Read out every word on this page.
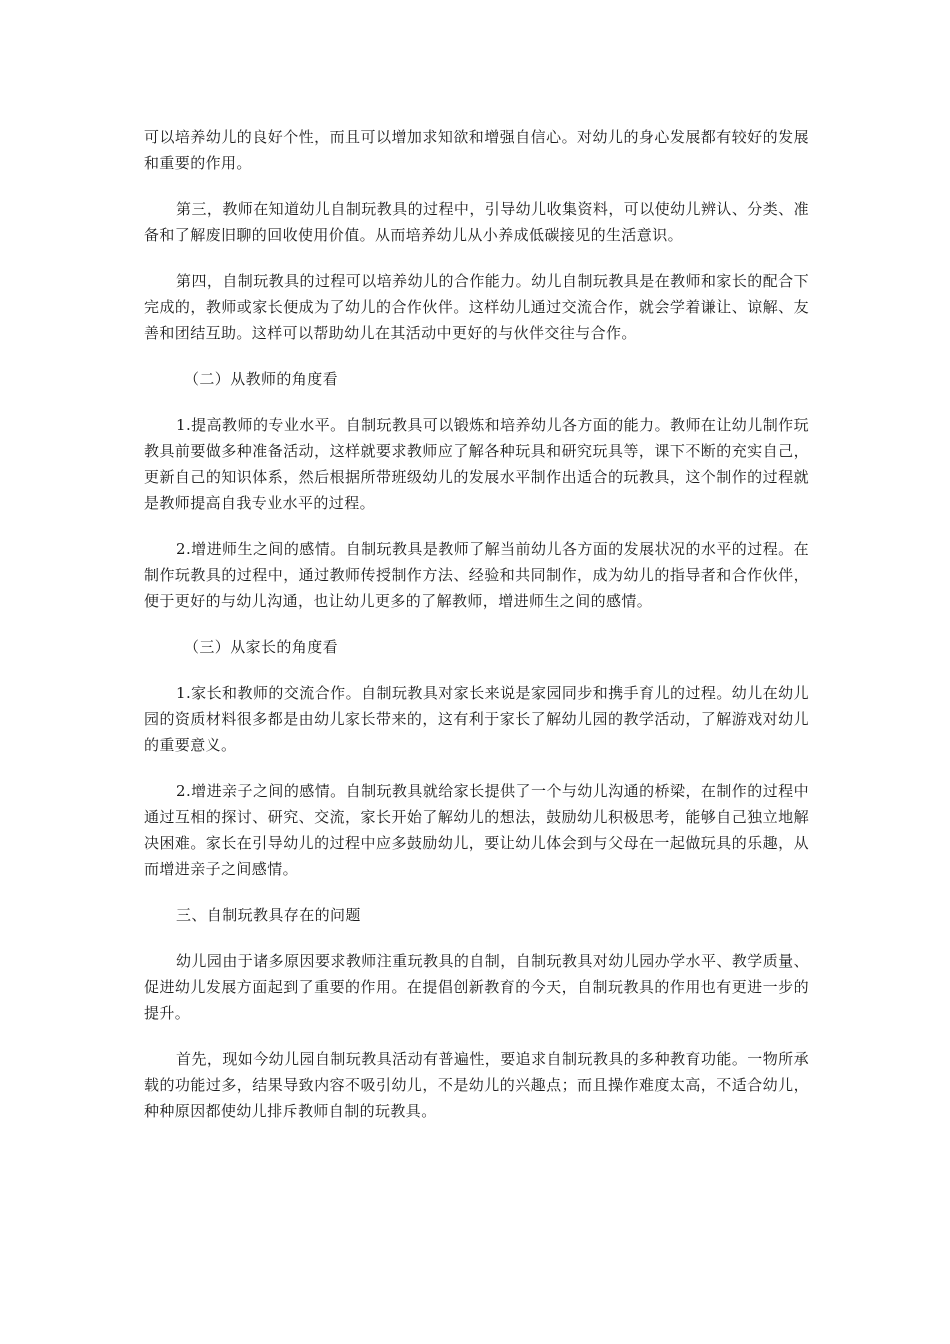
可以培养幼儿的良好个性，而且可以增加求知欲和增强自信心。对幼儿的身心发展都有较好的发展和重要的作用。

第三，教师在知道幼儿自制玩教具的过程中，引导幼儿收集资料，可以使幼儿辨认、分类、准备和了解废旧聊的回收使用价值。从而培养幼儿从小养成低碳接见的生活意识。

第四，自制玩教具的过程可以培养幼儿的合作能力。幼儿自制玩教具是在教师和家长的配合下完成的，教师或家长便成为了幼儿的合作伙伴。这样幼儿通过交流合作，就会学着谦让、谅解、友善和团结互助。这样可以帮助幼儿在其活动中更好的与伙伴交往与合作。

（二）从教师的角度看

1.提高教师的专业水平。自制玩教具可以锻炼和培养幼儿各方面的能力。教师在让幼儿制作玩教具前要做多种准备活动，这样就要求教师应了解各种玩具和研究玩具等，课下不断的充实自己，更新自己的知识体系，然后根据所带班级幼儿的发展水平制作出适合的玩教具，这个制作的过程就是教师提高自我专业水平的过程。

2.增进师生之间的感情。自制玩教具是教师了解当前幼儿各方面的发展状况的水平的过程。在制作玩教具的过程中，通过教师传授制作方法、经验和共同制作，成为幼儿的指导者和合作伙伴，便于更好的与幼儿沟通，也让幼儿更多的了解教师，增进师生之间的感情。

（三）从家长的角度看

1.家长和教师的交流合作。自制玩教具对家长来说是家园同步和携手育儿的过程。幼儿在幼儿园的资质材料很多都是由幼儿家长带来的，这有利于家长了解幼儿园的教学活动，了解游戏对幼儿的重要意义。

2.增进亲子之间的感情。自制玩教具就给家长提供了一个与幼儿沟通的桥梁，在制作的过程中通过互相的探讨、研究、交流，家长开始了解幼儿的想法，鼓励幼儿积极思考，能够自己独立地解决困难。家长在引导幼儿的过程中应多鼓励幼儿，要让幼儿体会到与父母在一起做玩具的乐趣，从而增进亲子之间感情。

三、自制玩教具存在的问题

幼儿园由于诸多原因要求教师注重玩教具的自制，自制玩教具对幼儿园办学水平、教学质量、促进幼儿发展方面起到了重要的作用。在提倡创新教育的今天，自制玩教具的作用也有更进一步的提升。

首先，现如今幼儿园自制玩教具活动有普遍性，要追求自制玩教具的多种教育功能。一物所承载的功能过多，结果导致内容不吸引幼儿，不是幼儿的兴趣点；而且操作难度太高，不适合幼儿，种种原因都使幼儿排斥教师自制的玩教具。
